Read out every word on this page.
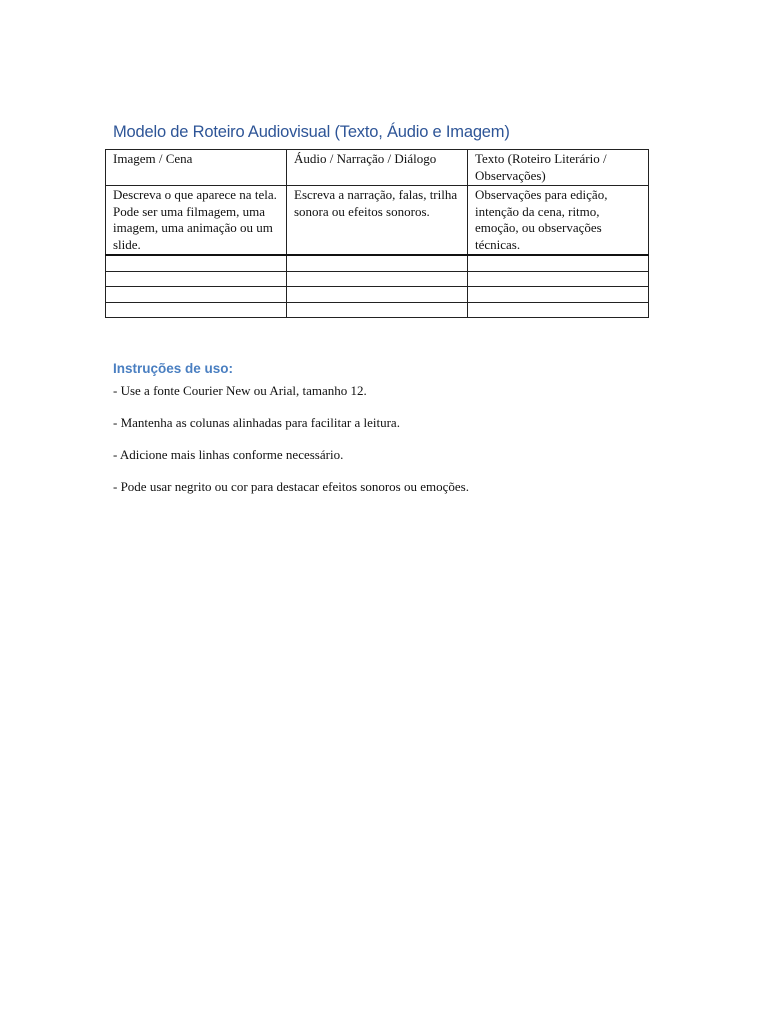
Modelo de Roteiro Audiovisual (Texto, Áudio e Imagem)
Imagem / Cena	Áudio / Narração / Diálogo	Texto (Roteiro Literário / Observações)
Descreva o que aparece na tela. Pode ser uma filmagem, uma imagem, uma animação ou um slide.	Escreva a narração, falas, trilha sonora ou efeitos sonoros.	Observações para edição, intenção da cena, ritmo, emoção, ou observações técnicas.

Instruções de uso:
- Use a fonte Courier New ou Arial, tamanho 12.
- Mantenha as colunas alinhadas para facilitar a leitura.
- Adicione mais linhas conforme necessário.
- Pode usar negrito ou cor para destacar efeitos sonoros ou emoções.
